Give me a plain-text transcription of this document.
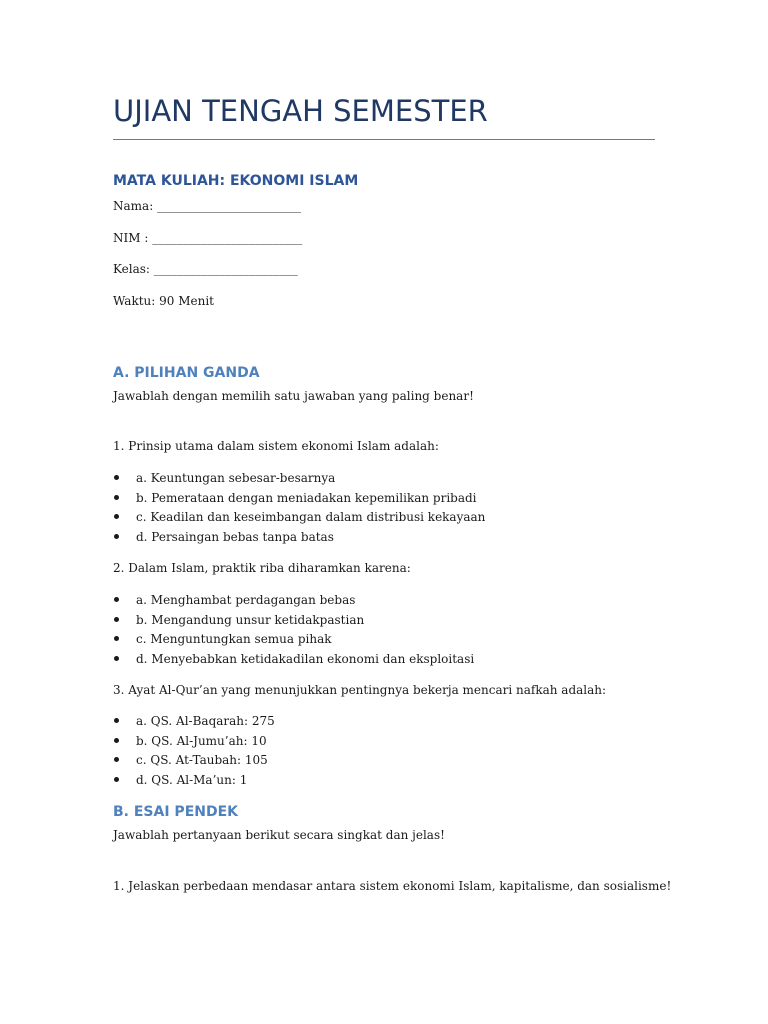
UJIAN TENGAH SEMESTER
MATA KULIAH: EKONOMI ISLAM
Nama: ________________________
NIM : _________________________
Kelas: ________________________
Waktu: 90 Menit
A. PILIHAN GANDA
Jawablah dengan memilih satu jawaban yang paling benar!
1. Prinsip utama dalam sistem ekonomi Islam adalah:
a. Keuntungan sebesar-besarnya
b. Pemerataan dengan meniadakan kepemilikan pribadi
c. Keadilan dan keseimbangan dalam distribusi kekayaan
d. Persaingan bebas tanpa batas
2. Dalam Islam, praktik riba diharamkan karena:
a. Menghambat perdagangan bebas
b. Mengandung unsur ketidakpastian
c. Menguntungkan semua pihak
d. Menyebabkan ketidakadilan ekonomi dan eksploitasi
3. Ayat Al-Qur’an yang menunjukkan pentingnya bekerja mencari nafkah adalah:
a. QS. Al-Baqarah: 275
b. QS. Al-Jumu’ah: 10
c. QS. At-Taubah: 105
d. QS. Al-Ma’un: 1
B. ESAI PENDEK
Jawablah pertanyaan berikut secara singkat dan jelas!
1. Jelaskan perbedaan mendasar antara sistem ekonomi Islam, kapitalisme, dan sosialisme!
